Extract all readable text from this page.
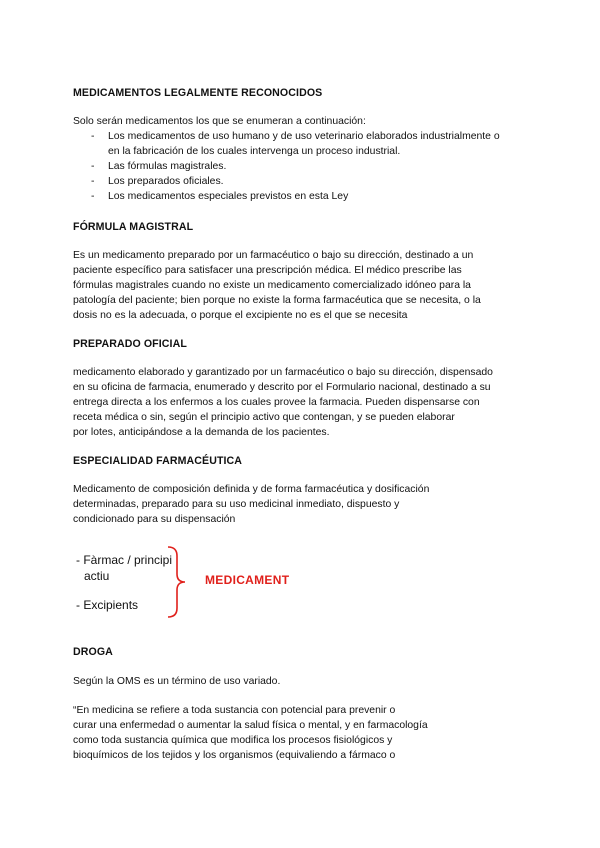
MEDICAMENTOS LEGALMENTE RECONOCIDOS
Solo serán medicamentos los que se enumeran a continuación:
- Los medicamentos de uso humano y de uso veterinario elaborados industrialmente o
en la fabricación de los cuales intervenga un proceso industrial.
- Las fórmulas magistrales.
- Los preparados oficiales.
- Los medicamentos especiales previstos en esta Ley
FÓRMULA MAGISTRAL
Es un medicamento preparado por un farmacéutico o bajo su dirección, destinado a un
paciente específico para satisfacer una prescripción médica. El médico prescribe las
fórmulas magistrales cuando no existe un medicamento comercializado idóneo para la
patología del paciente; bien porque no existe la forma farmacéutica que se necesita, o la
dosis no es la adecuada, o porque el excipiente no es el que se necesita
PREPARADO OFICIAL
medicamento elaborado y garantizado por un farmacéutico o bajo su dirección, dispensado
en su oficina de farmacia, enumerado y descrito por el Formulario nacional, destinado a su
entrega directa a los enfermos a los cuales provee la farmacia. Pueden dispensarse con
receta médica o sin, según el principio activo que contengan, y se pueden elaborar
por lotes, anticipándose a la demanda de los pacientes.
ESPECIALIDAD FARMACÉUTICA
Medicamento de composición definida y de forma farmacéutica y dosificación
determinadas, preparado para su uso medicinal inmediato, dispuesto y
condicionado para su dispensación
- Fàrmac / principi
actiu
- Excipients
MEDICAMENT
DROGA
Según la OMS es un término de uso variado.
“En medicina se refiere a toda sustancia con potencial para prevenir o
curar una enfermedad o aumentar la salud física o mental, y en farmacología
como toda sustancia química que modifica los procesos fisiológicos y
bioquímicos de los tejidos y los organismos (equivaliendo a fármaco o
